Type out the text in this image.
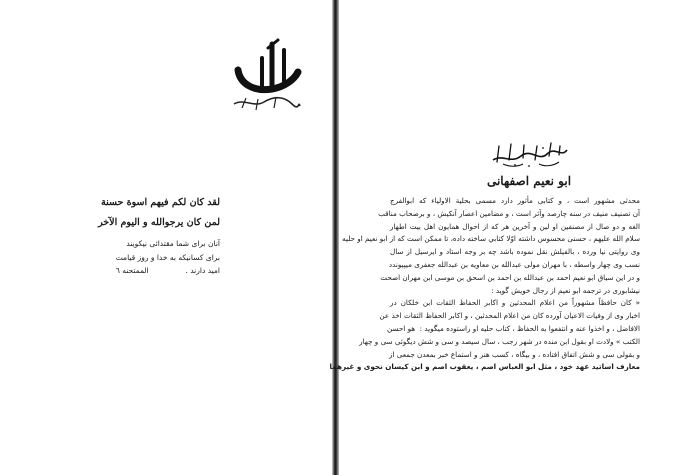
لقد كان لكم فيهم اسوة حسنة
لمن كان يرجوالله و اليوم الآخر
آنان برای شما مقتدائی نیکویند
برای کسانیکه به خدا و روز قیامت
امید دارند .  الممتحنه ٦
ابو نعیم اصفهانی
محدثی مشهور است ، و کتابی مأثور دارد مسمی بحلیة الاولیاء که ابوالفرج
آن تصنیف منیف در سنه چارصد وآثر است ، و مضامین اعصار آنکیش ، و برصحاب مناقب
الغه و دو صال از مصنفین او لین و آخرین هر که از احوال همایون اهل بیت اطهار
سلام الله علیهم ، حسنی محسوس داشته اوّلا كتابي ساخته داده، تا ممکن است كه از ابو نعیم او حلیه
وی روایتی نیا ورده ، بالفیلش نقل نموده باشد چه بر وجه استاد و ایرسیل از سال
نسب وی چهار واسطه ، با مهران مولی عبدالله بن معاویه بن عبدالله جعفری میپیوندد
و در این سیاق ابو نعیم احمد بن عبدالله بن احمد بن اسحق بن موسی ابن مهران اصحت
نیشابوری در ترجمه ابو نعیم از رجال خویش گوید :
« کان حافظاً مشهوراً من اعلام المحدثین و اکابر الحفاظ الثقات ابن خلکان در
اخبار وی از وفیات الاعیان آورده کان من اعلام المحدثین ، و اکابر الحفاظ الثقات اخذ عن
الافاضل ، و اخذوا عنه و انتفعوا به الحفاظ ، کتاب حلیه او راستوده میگوید : ‌ هو احسن
الکتب » ولادت او بقول ابن منده در شهر رجب ، سال سیصد و سی و شش دیگوئی سی و چهار
و بقولی سی و شش اتفاق افتاده ، و بیگاه ، کسب هنر و استماع خبر بمعدن جمعی از
معارف اساتید عهد خود ، مثل ابو العباس اصم ، یعقوب اصم و ابن کیسان نحوی و غیرهما
